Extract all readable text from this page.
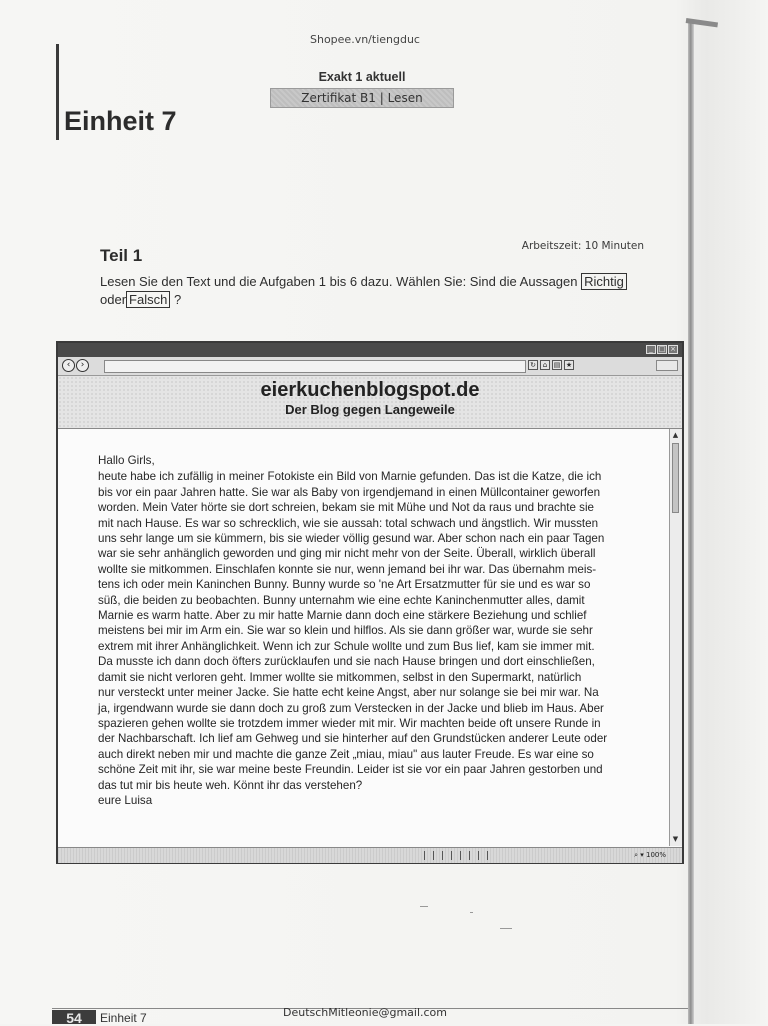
Shopee.vn/tiengduc
Exakt 1 aktuell
Zertifikat B1 | Lesen
Einheit 7
Teil 1	Arbeitszeit: 10 Minuten
Lesen Sie den Text und die Aufgaben 1 bis 6 dazu. Wählen Sie: Sind die Aussagen Richtig
oder Falsch ?
_ □ ×
‹	›	↻ ⌂ ▤ ★
eierkuchenblogspot.de
Der Blog gegen Langeweile

Hallo Girls,

heute habe ich zufällig in meiner Fotokiste ein Bild von Marnie gefunden. Das ist die Katze, die ich

bis vor ein paar Jahren hatte. Sie war als Baby von irgendjemand in einen Müllcontainer geworfen

worden. Mein Vater hörte sie dort schreien, bekam sie mit Mühe und Not da raus und brachte sie

mit nach Hause. Es war so schrecklich, wie sie aussah: total schwach und ängstlich. Wir mussten

uns sehr lange um sie kümmern, bis sie wieder völlig gesund war. Aber schon nach ein paar Tagen

war sie sehr anhänglich geworden und ging mir nicht mehr von der Seite. Überall, wirklich überall

wollte sie mitkommen. Einschlafen konnte sie nur, wenn jemand bei ihr war. Das übernahm meis-

tens ich oder mein Kaninchen Bunny. Bunny wurde so 'ne Art Ersatzmutter für sie und es war so

süß, die beiden zu beobachten. Bunny unternahm wie eine echte Kaninchenmutter alles, damit

Marnie es warm hatte. Aber zu mir hatte Marnie dann doch eine stärkere Beziehung und schlief

meistens bei mir im Arm ein. Sie war so klein und hilflos. Als sie dann größer war, wurde sie sehr

extrem mit ihrer Anhänglichkeit. Wenn ich zur Schule wollte und zum Bus lief, kam sie immer mit.

Da musste ich dann doch öfters zurücklaufen und sie nach Hause bringen und dort einschließen,

damit sie nicht verloren geht. Immer wollte sie mitkommen, selbst in den Supermarkt, natürlich

nur versteckt unter meiner Jacke. Sie hatte echt keine Angst, aber nur solange sie bei mir war. Na

ja, irgendwann wurde sie dann doch zu groß zum Verstecken in der Jacke und blieb im Haus. Aber

spazieren gehen wollte sie trotzdem immer wieder mit mir. Wir machten beide oft unsere Runde in

der Nachbarschaft. Ich lief am Gehweg und sie hinterher auf den Grundstücken anderer Leute oder

auch direkt neben mir und machte die ganze Zeit „miau, miau" aus lauter Freude. Es war eine so

schöne Zeit mit ihr, sie war meine beste Freundin. Leider ist sie vor ein paar Jahren gestorben und

das tut mir bis heute weh. Könnt ihr das verstehen?

eure Luisa

▲
▼
⌕ ▾ 100%
54	Einheit 7	DeutschMitleonie@gmail.com
